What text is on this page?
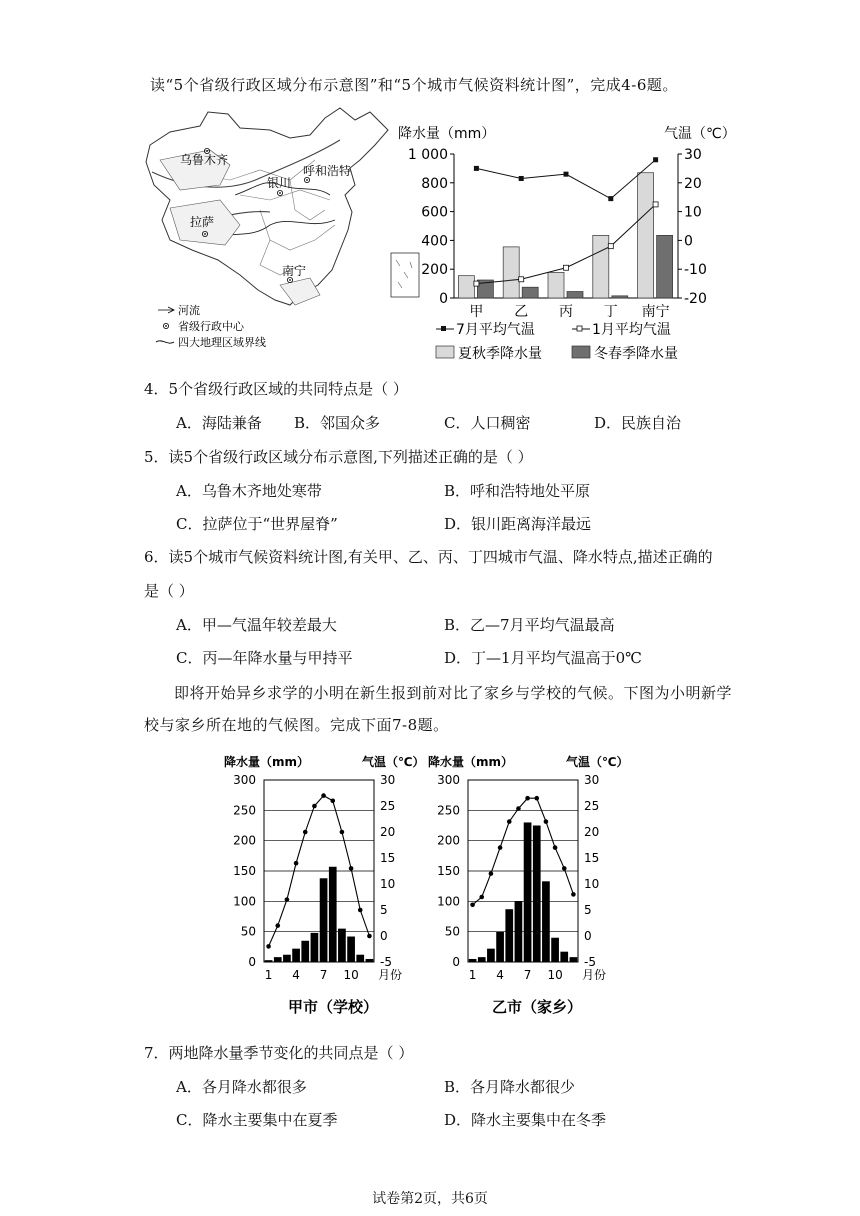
读“5个省级行政区域分布示意图”和“5个城市气候资料统计图”，完成4-6题。
乌鲁木齐
呼和浩特
银川
拉萨
南宁
河流
省级行政中心
四大地理区域界线
降水量（mm）	气温（℃）
0
200
400
600
800
1 000
-20
-10
0
10
20
30
甲 乙 丙 丁 南宁
7月平均气温	1月平均气温
夏秋季降水量	冬春季降水量
4．5个省级行政区域的共同特点是（ ）
A．海陆兼备 B．邻国众多	C．人口稠密	D．民族自治
5．读5个省级行政区域分布示意图,下列描述正确的是（ ）
A．乌鲁木齐地处寒带	B．呼和浩特地处平原
C．拉萨位于“世界屋脊”	D．银川距离海洋最远
6．读5个城市气候资料统计图,有关甲、乙、丙、丁四城市气温、降水特点,描述正确的
是（ ）
A．甲—气温年较差最大	B．乙—7月平均气温最高
C．丙—年降水量与甲持平	D．丁—1月平均气温高于0℃
即将开始异乡求学的小明在新生报到前对比了家乡与学校的气候。下图为小明新学
校与家乡所在地的气候图。完成下面7-8题。
降水量（mm）	气温（℃）
0
50
100
150
200
250
300
-5
0
5
10
15
20
25
30
1 4 7 10 月份
甲市（学校）
降水量（mm）	气温（℃）
0
50
100
150
200
250
300
-5
0
5
10
15
20
25
30
1 4 7 10 月份
乙市（家乡）
7．两地降水量季节变化的共同点是（ ）
A．各月降水都很多	B．各月降水都很少
C．降水主要集中在夏季	D．降水主要集中在冬季
试卷第2页，共6页
